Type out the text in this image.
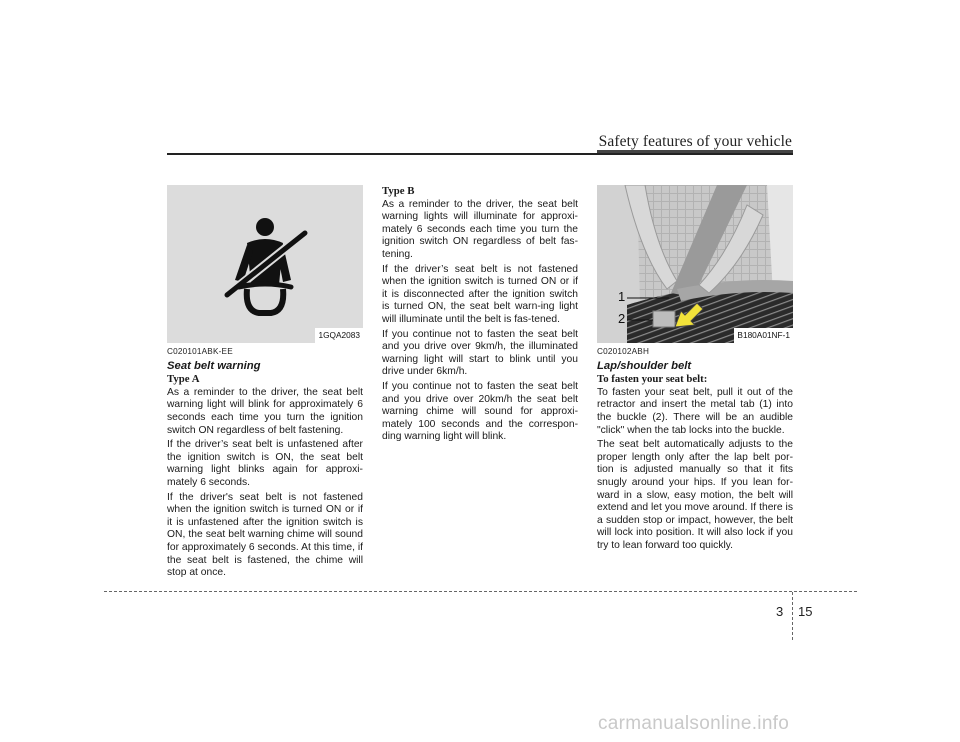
Safety features of your vehicle
1GQA2083
C020101ABK-EE
Seat belt warning
Type A

As a reminder to the driver, the seat belt warning light will blink for approximately 6 seconds each time you turn the ignition switch ON regardless of belt fastening.

If the driver’s seat belt is unfastened after the ignition switch is ON, the seat belt warning light blinks again for approxi-mately 6 seconds.

If the driver's seat belt is not fastened when the ignition switch is turned ON or if it is unfastened after the ignition switch is ON, the seat belt warning chime will sound for approximately 6 seconds. At this time, if the seat belt is fastened, the chime will stop at once.

Type B

As a reminder to the driver, the seat belt warning lights will illuminate for approxi-mately 6 seconds each time you turn the ignition switch ON regardless of belt fas-tening.

If the driver’s seat belt is not fastened when the ignition switch is turned ON or if it is disconnected after the ignition switch is turned ON, the seat belt warn-ing light will illuminate until the belt is fas-tened.

If you continue not to fasten the seat belt and you drive over 9km/h, the illuminated warning light will start to blink until you drive under 6km/h.

If you continue not to fasten the seat belt and you drive over 20km/h the seat belt warning chime will sound for approxi-mately 100 seconds and the correspon-ding warning light will blink.

1
2
B180A01NF-1
C020102ABH
Lap/shoulder belt
To fasten your seat belt:

To fasten your seat belt, pull it out of the retractor and insert the metal tab (1) into the buckle (2). There will be an audible "click" when the tab locks into the buckle.

The seat belt automatically adjusts to the proper length only after the lap belt por-tion is adjusted manually so that it fits snugly around your hips. If you lean for-ward in a slow, easy motion, the belt will extend and let you move around. If there is a sudden stop or impact, however, the belt will lock into position. It will also lock if you try to lean forward too quickly.

3 15
carmanualsonline.info
